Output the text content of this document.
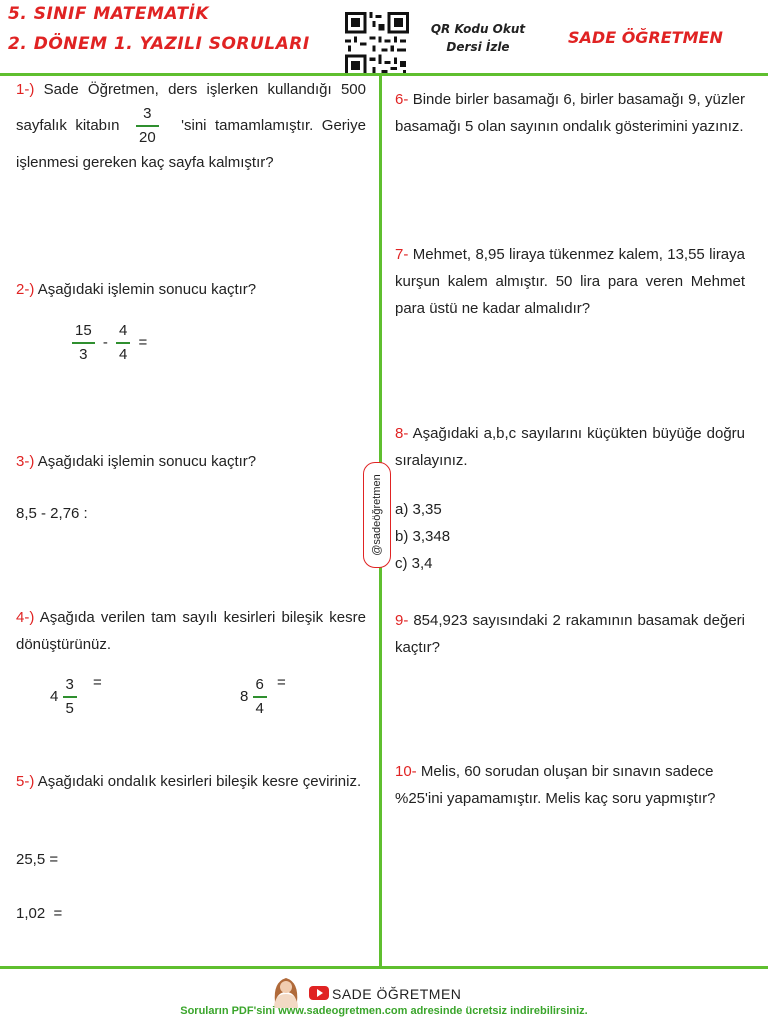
5. SINIF MATEMATİK
2. DÖNEM 1. YAZILI SORULARI
QR Kodu Okut
Dersi İzle	SADE ÖĞRETMEN
1-) Sade Öğretmen, ders işlerken kullandığı 500 sayfalık kitabın $\frac{3}{20}$ 'sini tamamlamıştır. Geriye işlenmesi gereken kaç sayfa kalmıştır?
2-) Aşağıdaki işlemin sonucu kaçtır?
$\frac{15}{3} - \frac{4}{4}$ =
3-) Aşağıdaki işlemin sonucu kaçtır?
8,5 - 2,76 :
4-) Aşağıda verilen tam sayılı kesirleri bileşik kesre dönüştürünüz.
$4 \frac{3}{5}$ =
$8 \frac{6}{4}$ =
5-) Aşağıdaki ondalık kesirleri bileşik kesre çeviriniz.
25,5 =
1,02  =
6- Binde birler basamağı 6, birler basamağı 9, yüzler basamağı 5 olan sayının ondalık gösterimini yazınız.
7- Mehmet, 8,95 liraya tükenmez kalem, 13,55 liraya kurşun kalem almıştır. 50 lira para veren Mehmet para üstü ne kadar almalıdır?
8- Aşağıdaki a,b,c sayılarını küçükten büyüğe doğru sıralayınız.
a) 3,35
b) 3,348
c) 3,4
9- 854,923 sayısındaki 2 rakamının basamak değeri kaçtır?
10- Melis, 60 sorudan oluşan bir sınavın sadece %25'ini yapamamıştır. Melis kaç soru yapmıştır?
@sadeöğretmen
SADE ÖĞRETMEN
Soruların PDF'sini www.sadeogretmen.com adresinde ücretsiz indirebilirsiniz.
